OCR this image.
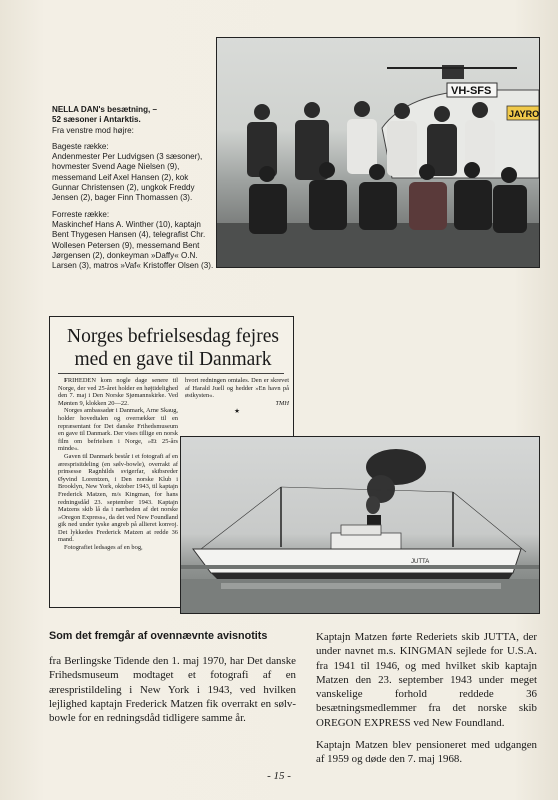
NELLA DAN's besætning, –

52 sæsoner i Antarktis.

Fra venstre mod højre:

Bageste række:

Andenmester Per Ludvigsen (3 sæsoner), hovmester Svend Aage Nielsen (9), messemand Leif Axel Hansen (2), kok Gunnar Christensen (2), ungkok Freddy Jensen (2), bager Finn Thomassen (3).

Forreste række:

Maskinchef Hans A. Winther (10), kaptajn Bent Thygesen Hansen (4), telegrafist Chr. Wollesen Petersen (9), messemand Bent Jørgensen (2), donkeyman »Daffy« O.N. Larsen (3), matros »Vaf« Kristoffer Olsen (3).

VH-SFS
JAYRO
Norges befrielsesdag fejres med en gave til Danmark

FRIHEDEN kom nogle dage senere til Norge, der ved 25-året holder en højtidelighed den 7. maj i Den Norske Sjømannskirke. Ved Mønten 9, klokken 20—22.

Norges ambassadør i Danmark, Arne Skaug, holder hovedtalen og overrækker til en repræsentant for Det danske Frihedsmuseum en gave til Danmark. Der vises tillige en norsk film om befrielsen i Norge, »Et 25-års minde«.

Gaven til Danmark består i et fotografi af en æresprisitdeling (en sølv-bowle), overrakt af prinsesse Ragnhilds svigerfar, skibsreder Øyvind Lorentzen, i Den norske Klub i Brooklyn, New York, oktober 1943, til kaptajn Frederick Matzen, m/s Kingman, for hans redningsdåd 23. september 1943. Kaptajn Matzens skib lå da i nærheden af det norske »Oregon Express«, da det ved New Foundland gik ned under tyske angreb på allieret konvoj. Det lykkedes Frederick Matzen at redde 36 mand.

Fotografiet ledsages af en bog,

hvori redningen omtales. Den er skrevet af Harald Juell og hedder »En havn på østkysten«.

TMH

★

JUTTA
Som det fremgår af ovennævnte avisnotits

fra Berlingske Tidende den 1. maj 1970, har Det danske Frihedsmuseum modtaget et fotografi af en ærespristildeling i New York i 1943, ved hvilken lejlighed kaptajn Frederick Matzen fik overrakt en sølv-bowle for en redningsdåd tidligere samme år.

Kaptajn Matzen førte Rederiets skib JUTTA, der under navnet m.s. KINGMAN sejlede for U.S.A. fra 1941 til 1946, og med hvilket skib kaptajn Matzen den 23. september 1943 under meget vanskelige forhold reddede 36 besætningsmedlemmer fra det norske skib OREGON EXPRESS ved New Foundland.

Kaptajn Matzen blev pensioneret med udgangen af 1959 og døde den 7. maj 1968.

- 15 -
